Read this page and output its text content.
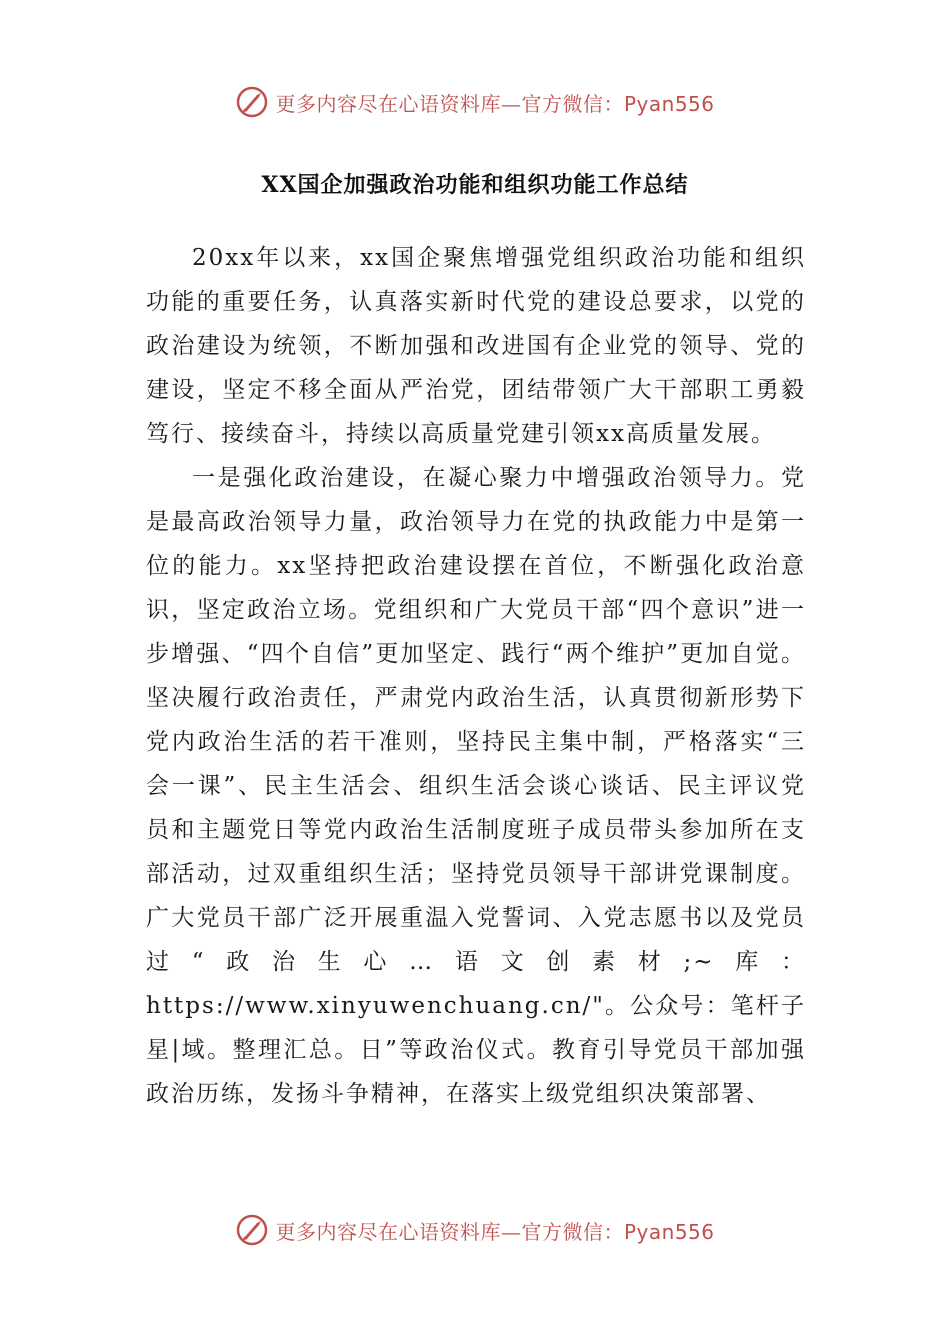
更多内容尽在心语资料库—官方微信：Pyan556
XX国企加强政治功能和组织功能工作总结

20xx年以来，xx国企聚焦增强党组织政治功能和组织功能的重要任务，认真落实新时代党的建设总要求，以党的政治建设为统领，不断加强和改进国有企业党的领导、党的建设，坚定不移全面从严治党，团结带领广大干部职工勇毅笃行、接续奋斗，持续以高质量党建引领xx高质量发展。

一是强化政治建设，在凝心聚力中增强政治领导力。党是最高政治领导力量，政治领导力在党的执政能力中是第一位的能力。xx坚持把政治建设摆在首位，不断强化政治意识，坚定政治立场。党组织和广大党员干部“四个意识”进一步增强、“四个自信”更加坚定、践行“两个维护”更加自觉。坚决履行政治责任，严肃党内政治生活，认真贯彻新形势下党内政治生活的若干准则，坚持民主集中制，严格落实“三会一课”、民主生活会、组织生活会谈心谈话、民主评议党员和主题党日等党内政治生活制度班子成员带头参加所在支部活动，过双重组织生活；坚持党员领导干部讲党课制度。广大党员干部广泛开展重温入党誓词、入党志愿书以及党员过“政治生心…语文创素材;~库：https://www.xinyuwenchuang.cn/"。公众号：笔杆子星|域。整理汇总。日”等政治仪式。教育引导党员干部加强政治历练，发扬斗争精神，在落实上级党组织决策部署、

更多内容尽在心语资料库—官方微信：Pyan556
